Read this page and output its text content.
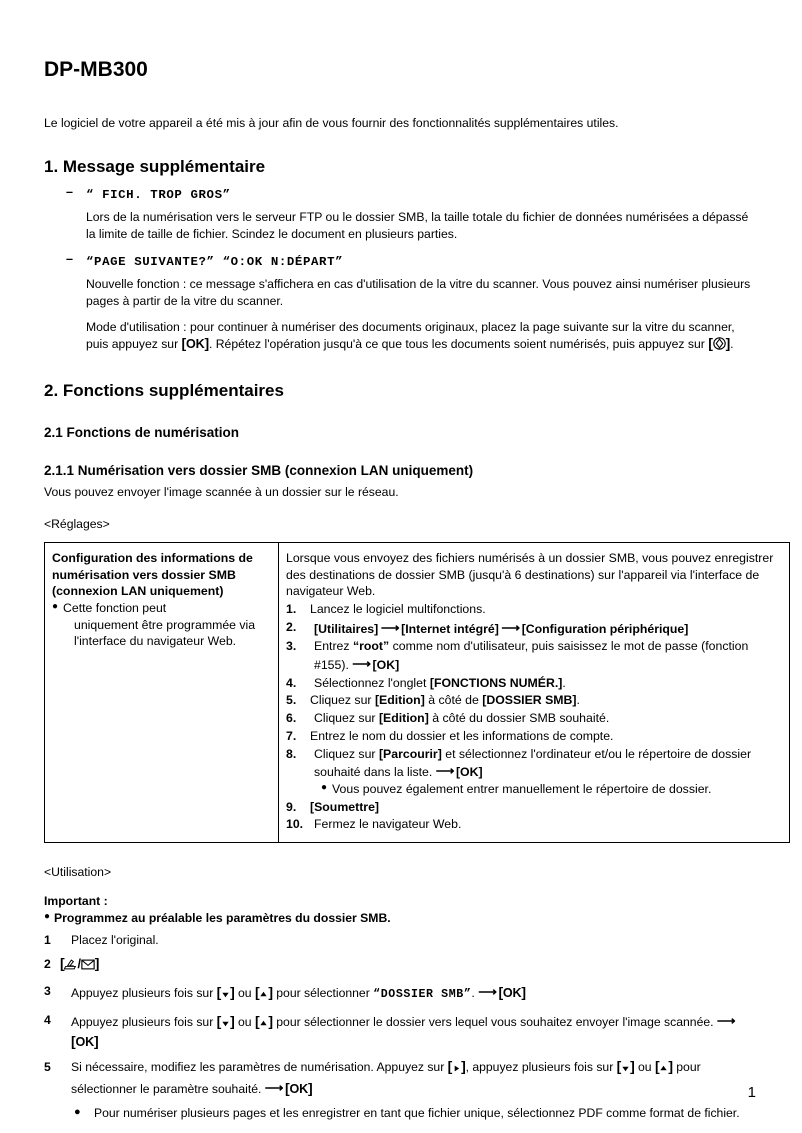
DP-MB300
Le logiciel de votre appareil a été mis à jour afin de vous fournir des fonctionnalités supplémentaires utiles.
1. Message supplémentaire
– “ FICH. TROP GROS”
Lors de la numérisation vers le serveur FTP ou le dossier SMB, la taille totale du fichier de données numérisées a dépassé la limite de taille de fichier. Scindez le document en plusieurs parties.
– “PAGE SUIVANTE?” “O:OK N:DÉPART”
Nouvelle fonction : ce message s'affichera en cas d'utilisation de la vitre du scanner. Vous pouvez ainsi numériser plusieurs pages à partir de la vitre du scanner.
Mode d'utilisation : pour continuer à numériser des documents originaux, placez la page suivante sur la vitre du scanner, puis appuyez sur [OK]. Répétez l'opération jusqu'à ce que tous les documents soient numérisés, puis appuyez sur [ ].
2. Fonctions supplémentaires
2.1 Fonctions de numérisation
2.1.1 Numérisation vers dossier SMB (connexion LAN uniquement)
Vous pouvez envoyer l'image scannée à un dossier sur le réseau.
<Réglages>
Configuration des informations de numérisation vers dossier SMB (connexion LAN uniquement)
● Cette fonction peut
uniquement être programmée via l'interface du navigateur Web.

Lorsque vous envoyez des fichiers numérisés à un dossier SMB, vous pouvez enregistrer des destinations de dossier SMB (jusqu'à 6 destinations) sur l'appareil via l'interface de navigateur Web.
1.	Lancez le logiciel multifonctions.
2.	[Utilitaires] ⟶ [Internet intégré] ⟶ [Configuration périphérique]
3.	Entrez “root” comme nom d'utilisateur, puis saisissez le mot de passe (fonction #155). ⟶ [OK]
4.	Sélectionnez l'onglet [FONCTIONS NUMÉR.].
5.	Cliquez sur [Edition] à côté de [DOSSIER SMB].
6.	Cliquez sur [Edition] à côté du dossier SMB souhaité.
7.	Entrez le nom du dossier et les informations de compte.
8.	Cliquez sur [Parcourir] et sélectionnez l'ordinateur et/ou le répertoire de dossier souhaité dans la liste. ⟶ [OK]
● Vous pouvez également entrer manuellement le répertoire de dossier.
9.	[Soumettre]
10. Fermez le navigateur Web.
<Utilisation>
Important :
● Programmez au préalable les paramètres du dossier SMB.
1 Placez l'original.
2 [ / ]
3 Appuyez plusieurs fois sur [ ] ou [ ] pour sélectionner “DOSSIER SMB”. ⟶ [OK]
4 Appuyez plusieurs fois sur [ ] ou [ ] pour sélectionner le dossier vers lequel vous souhaitez envoyer l'image scannée. ⟶ [OK]
5 Si nécessaire, modifiez les paramètres de numérisation. Appuyez sur [ ], appuyez plusieurs fois sur [ ] ou [ ] pour sélectionner le paramètre souhaité. ⟶ [OK]
● Pour numériser plusieurs pages et les enregistrer en tant que fichier unique, sélectionnez PDF comme format de fichier.
1
